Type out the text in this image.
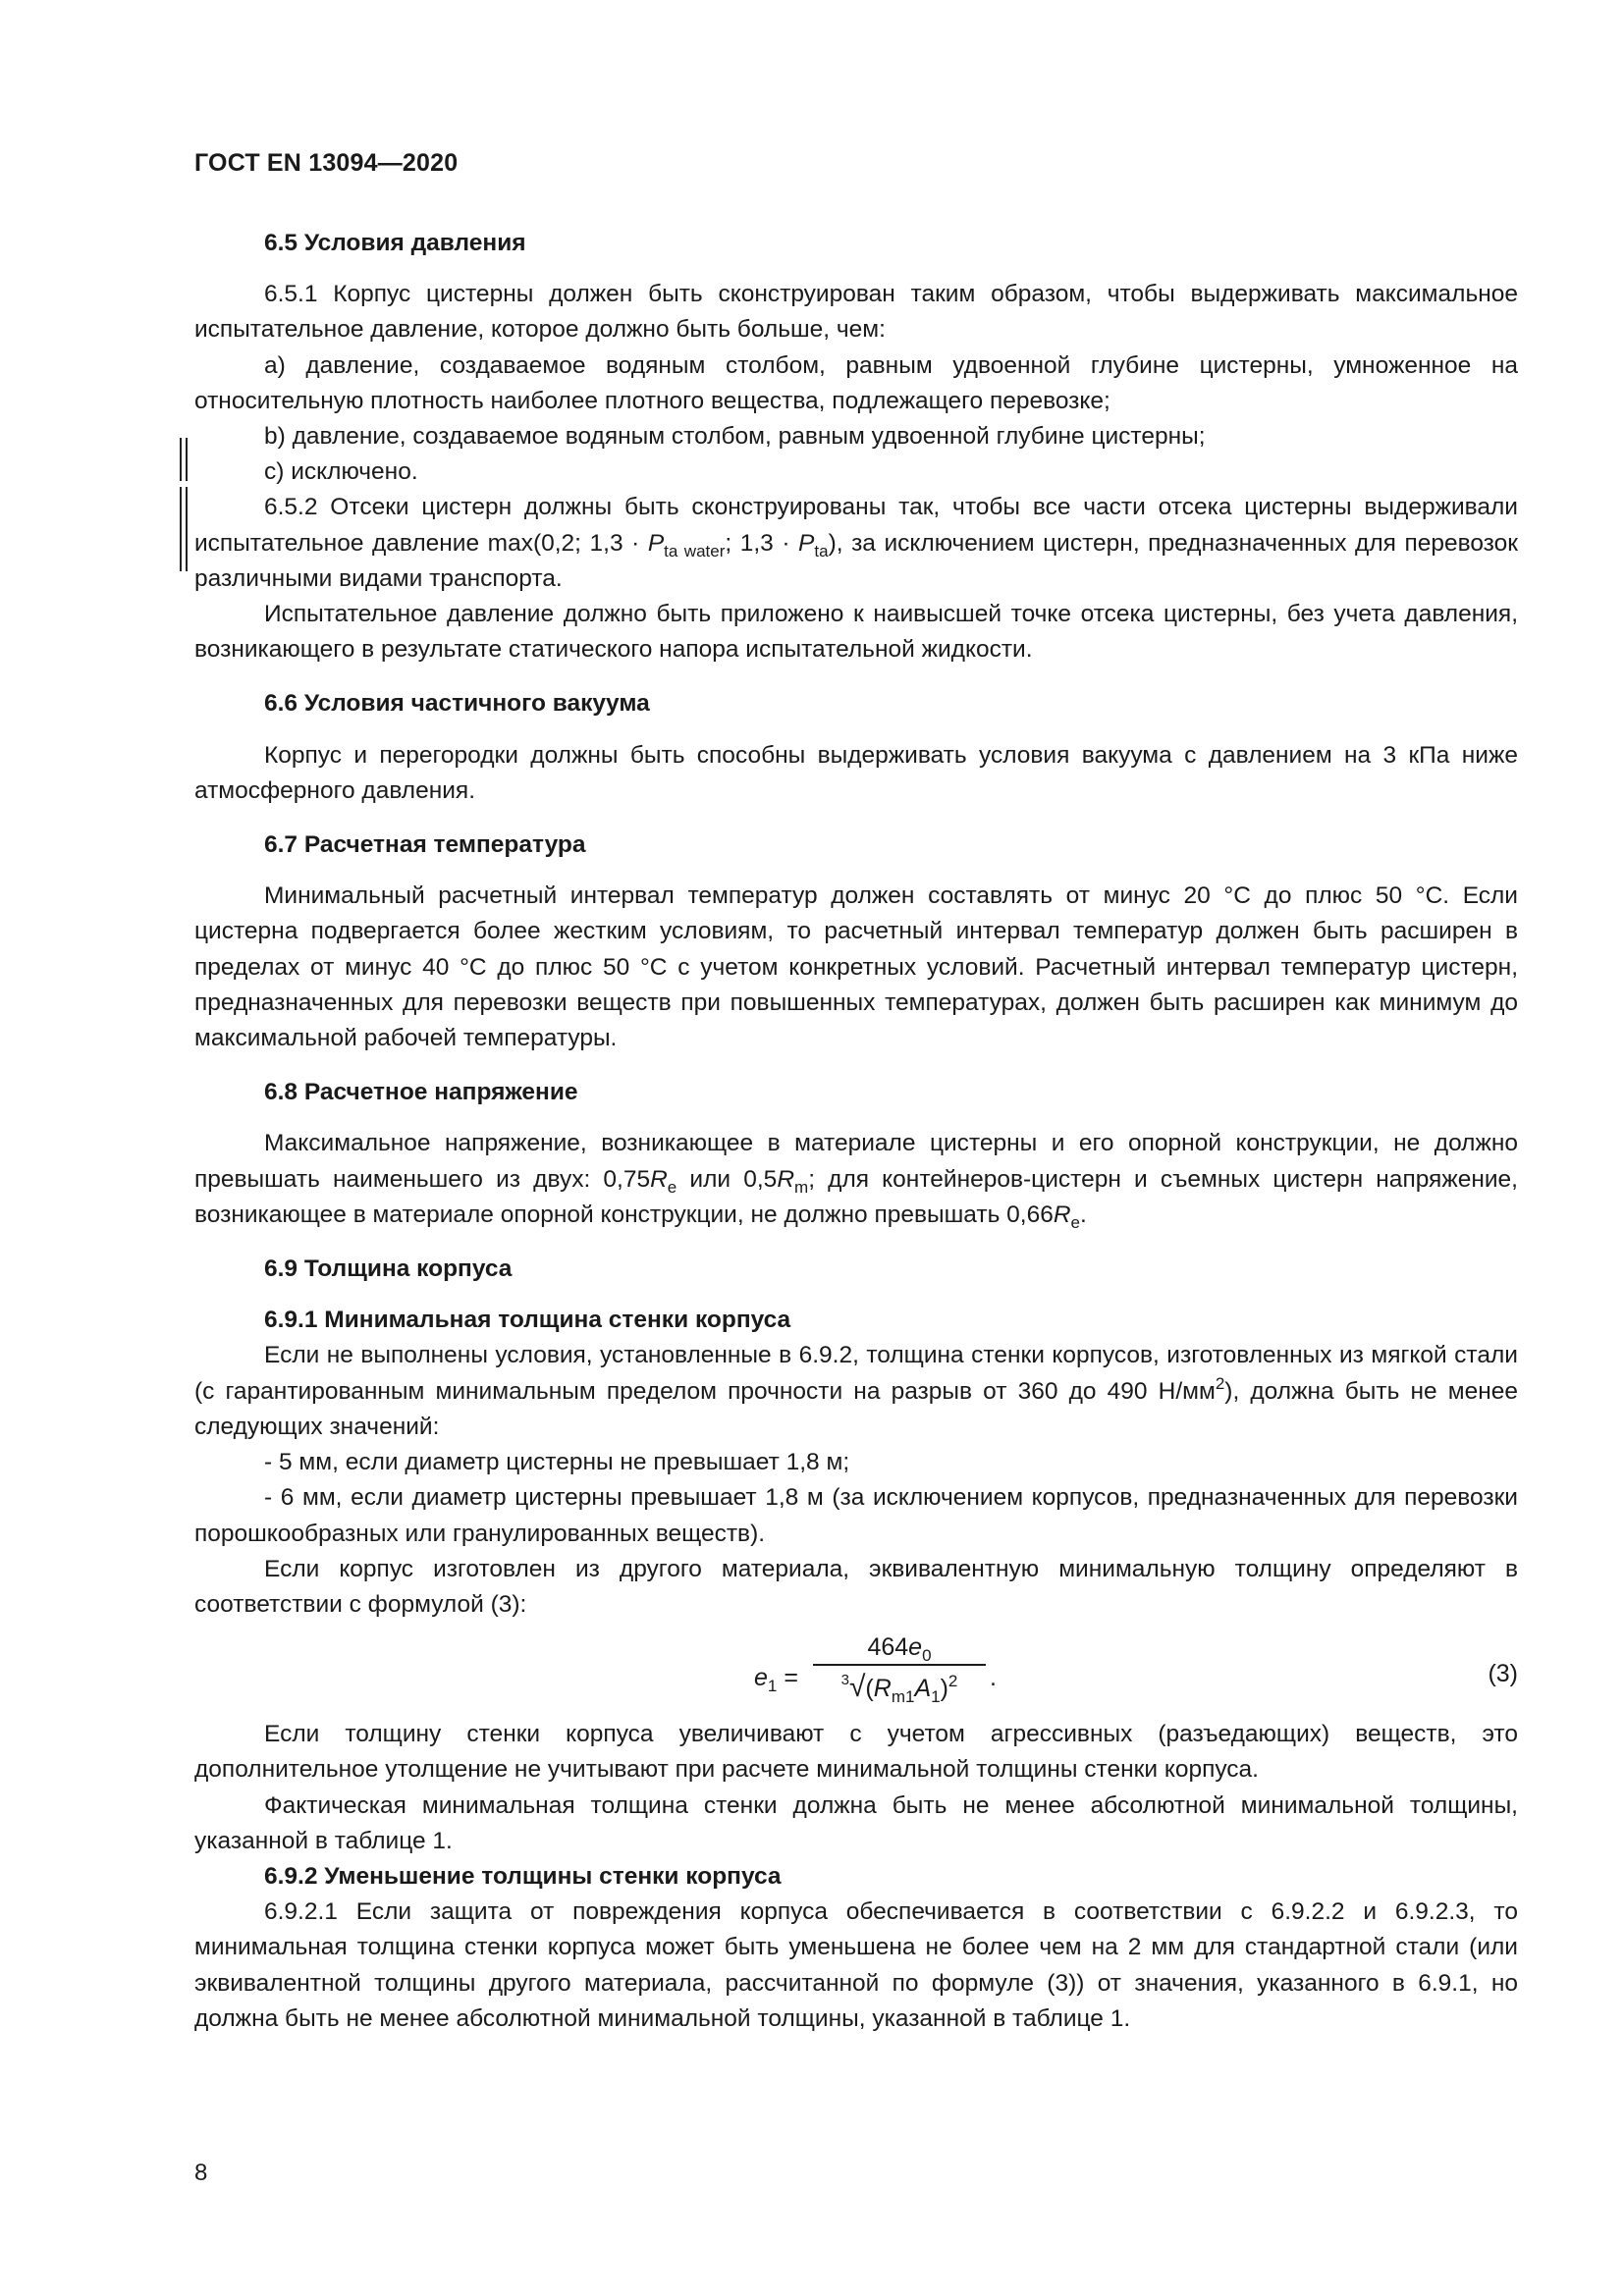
ГОСТ EN 13094—2020
6.5 Условия давления

6.5.1 Корпус цистерны должен быть сконструирован таким образом, чтобы выдерживать максимальное испытательное давление, которое должно быть больше, чем:

a) давление, создаваемое водяным столбом, равным удвоенной глубине цистерны, умноженное на относительную плотность наиболее плотного вещества, подлежащего перевозке;

b) давление, создаваемое водяным столбом, равным удвоенной глубине цистерны;

c) исключено.

6.5.2 Отсеки цистерн должны быть сконструированы так, чтобы все части отсека цистерны выдерживали испытательное давление max(0,2; $1,3 \cdot P_{ta water}$; $1,3 \cdot P_{ta}$), за исключением цистерн, предназначенных для перевозок различными видами транспорта.

Испытательное давление должно быть приложено к наивысшей точке отсека цистерны, без учета давления, возникающего в результате статического напора испытательной жидкости.

6.6 Условия частичного вакуума

Корпус и перегородки должны быть способны выдерживать условия вакуума с давлением на 3 кПа ниже атмосферного давления.

6.7 Расчетная температура

Минимальный расчетный интервал температур должен составлять от минус 20 °С до плюс 50 °С. Если цистерна подвергается более жестким условиям, то расчетный интервал температур должен быть расширен в пределах от минус 40 °С до плюс 50 °С с учетом конкретных условий. Расчетный интервал температур цистерн, предназначенных для перевозки веществ при повышенных температурах, должен быть расширен как минимум до максимальной рабочей температуры.

6.8 Расчетное напряжение

Максимальное напряжение, возникающее в материале цистерны и его опорной конструкции, не должно превышать наименьшего из двух: $0,75R_e$ или $0,5R_m$; для контейнеров-цистерн и съемных цистерн напряжение, возникающее в материале опорной конструкции, не должно превышать $0,66R_e$.

6.9 Толщина корпуса
6.9.1 Минимальная толщина стенки корпуса

Если не выполнены условия, установленные в 6.9.2, толщина стенки корпусов, изготовленных из мягкой стали (с гарантированным минимальным пределом прочности на разрыв от 360 до 490 $Н/мм^2$), должна быть не менее следующих значений:

- 5 мм, если диаметр цистерны не превышает 1,8 м;

- 6 мм, если диаметр цистерны превышает 1,8 м (за исключением корпусов, предназначенных для перевозки порошкообразных или гранулированных веществ).

Если корпус изготовлен из другого материала, эквивалентную минимальную толщину определяют в соответствии с формулой (3):

$e_1$ =
$464e_0$
$^3√(R_{m1}A_1)^2$	.	(3)

Если толщину стенки корпуса увеличивают с учетом агрессивных (разъедающих) веществ, это дополнительное утолщение не учитывают при расчете минимальной толщины стенки корпуса.

Фактическая минимальная толщина стенки должна быть не менее абсолютной минимальной толщины, указанной в таблице 1.

6.9.2 Уменьшение толщины стенки корпуса

6.9.2.1 Если защита от повреждения корпуса обеспечивается в соответствии с 6.9.2.2 и 6.9.2.3, то минимальная толщина стенки корпуса может быть уменьшена не более чем на 2 мм для стандартной стали (или эквивалентной толщины другого материала, рассчитанной по формуле (3)) от значения, указанного в 6.9.1, но должна быть не менее абсолютной минимальной толщины, указанной в таблице 1.

8
